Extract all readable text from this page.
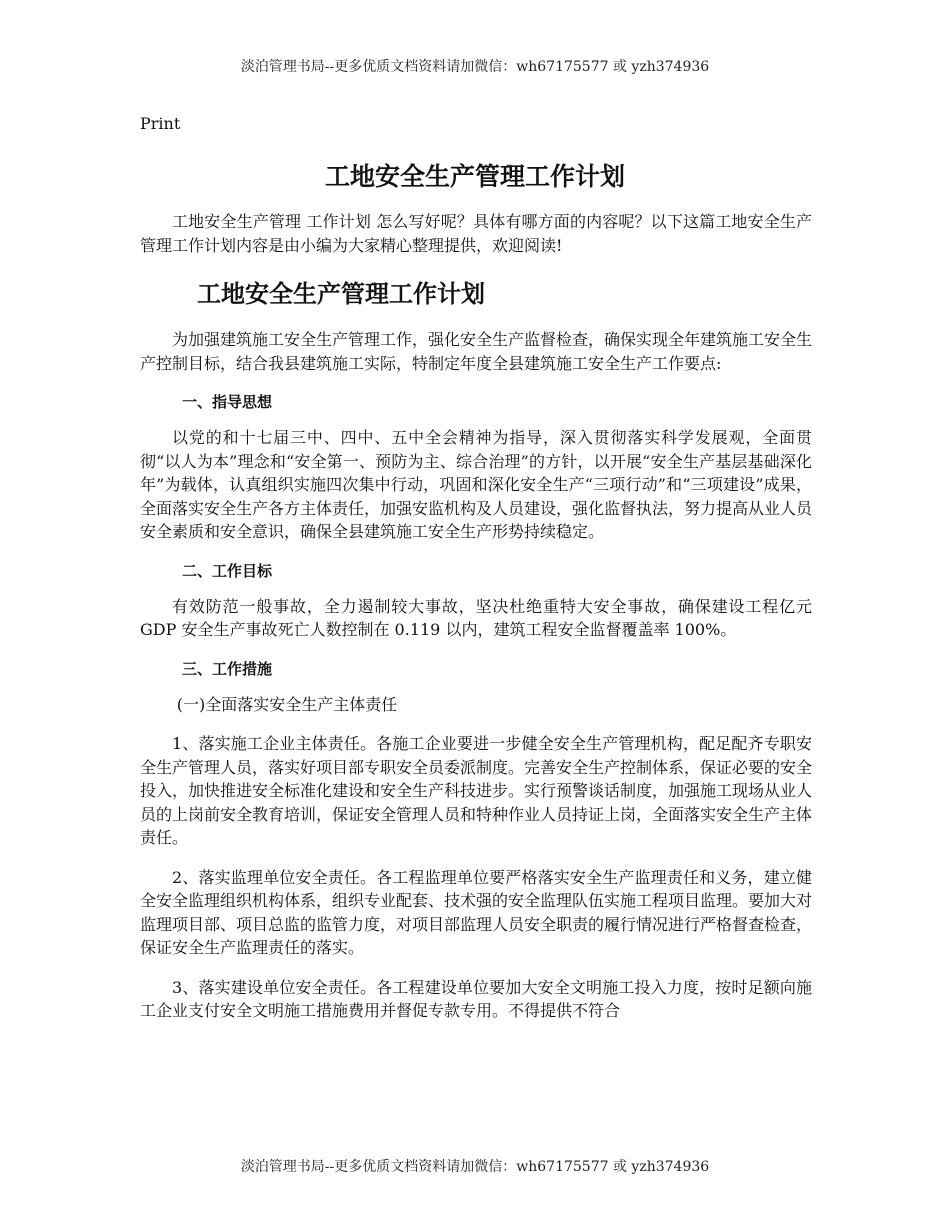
淡泊管理书局--更多优质文档资料请加微信：wh67175577 或 yzh374936
Print
工地安全生产管理工作计划

工地安全生产管理 工作计划 怎么写好呢？具体有哪方面的内容呢？以下这篇工地安全生产管理工作计划内容是由小编为大家精心整理提供，欢迎阅读!

工地安全生产管理工作计划

为加强建筑施工安全生产管理工作，强化安全生产监督检查，确保实现全年建筑施工安全生产控制目标，结合我县建筑施工实际，特制定年度全县建筑施工安全生产工作要点:

一、指导思想

以党的和十七届三中、四中、五中全会精神为指导，深入贯彻落实科学发展观，全面贯彻“以人为本”理念和“安全第一、预防为主、综合治理”的方针，以开展“安全生产基层基础深化年”为载体，认真组织实施四次集中行动，巩固和深化安全生产“三项行动”和“三项建设”成果，全面落实安全生产各方主体责任，加强安监机构及人员建设，强化监督执法，努力提高从业人员安全素质和安全意识，确保全县建筑施工安全生产形势持续稳定。

二、工作目标

有效防范一般事故，全力遏制较大事故，坚决杜绝重特大安全事故，确保建设工程亿元 GDP 安全生产事故死亡人数控制在 0.119 以内，建筑工程安全监督覆盖率 100%。

三、工作措施

(一)全面落实安全生产主体责任

1、落实施工企业主体责任。各施工企业要进一步健全安全生产管理机构，配足配齐专职安全生产管理人员，落实好项目部专职安全员委派制度。完善安全生产控制体系，保证必要的安全投入，加快推进安全标准化建设和安全生产科技进步。实行预警谈话制度，加强施工现场从业人员的上岗前安全教育培训，保证安全管理人员和特种作业人员持证上岗，全面落实安全生产主体责任。

2、落实监理单位安全责任。各工程监理单位要严格落实安全生产监理责任和义务，建立健全安全监理组织机构体系，组织专业配套、技术强的安全监理队伍实施工程项目监理。要加大对监理项目部、项目总监的监管力度，对项目部监理人员安全职责的履行情况进行严格督查检查，保证安全生产监理责任的落实。

3、落实建设单位安全责任。各工程建设单位要加大安全文明施工投入力度，按时足额向施工企业支付安全文明施工措施费用并督促专款专用。不得提供不符合

淡泊管理书局--更多优质文档资料请加微信：wh67175577 或 yzh374936
